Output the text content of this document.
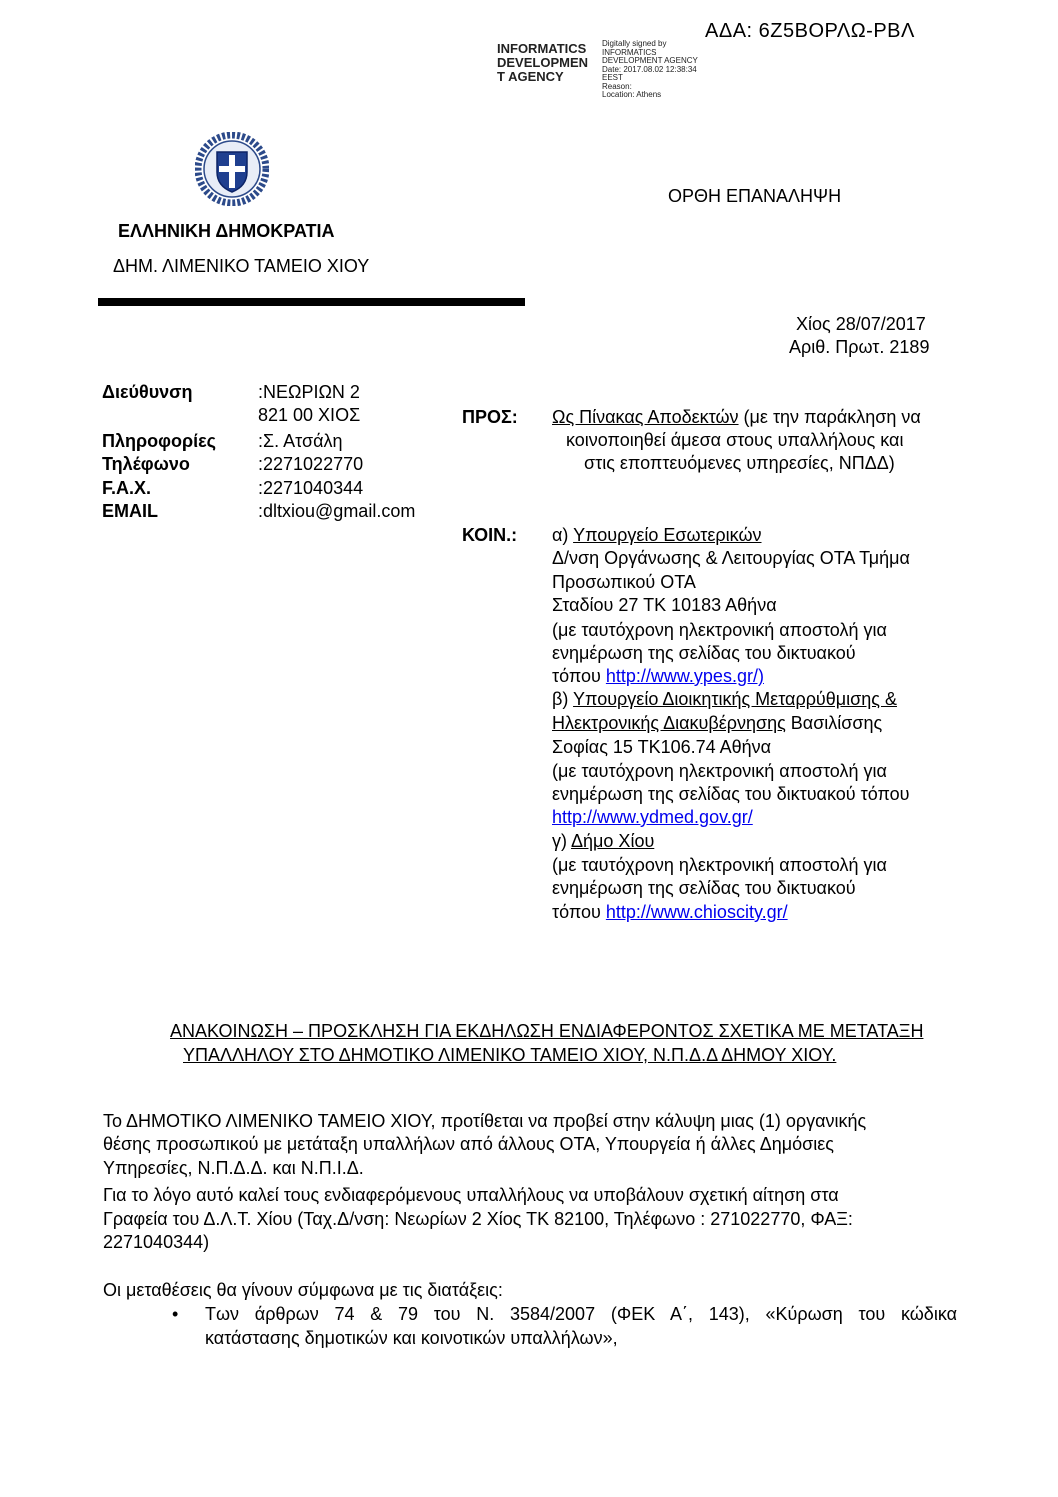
ΑΔΑ: 6Ζ5ΒΟΡΛΩ-ΡΒΛ
INFORMATICS
DEVELOPMEN
T AGENCY
Digitally signed by
INFORMATICS
DEVELOPMENT AGENCY
Date: 2017.08.02 12:38:34
EEST
Reason:
Location: Athens
ΟΡΘΗ ΕΠΑΝΑΛΗΨΗ
ΕΛΛΗΝΙΚΗ ΔΗΜΟΚΡΑΤΙΑ
ΔΗΜ. ΛΙΜΕΝΙΚΟ ΤΑΜΕΙΟ ΧΙΟΥ
Χίος 28/07/2017
Αριθ. Πρωτ. 2189
Διεύθυνση	:ΝΕΩΡΙΩΝ 2
821 00 ΧΙΟΣ
Πληροφορίες :Σ. Ατσάλη
Τηλέφωνο	:2271022770
F.A.X.	:2271040344
EMAIL	:dltxiou@gmail.com
ΠΡΟΣ: Ως Πίνακας Αποδεκτών (με την παράκληση να
κοινοποιηθεί άμεσα στους υπαλλήλους και
στις εποπτευόμενες υπηρεσίες, ΝΠΔΔ)
ΚΟΙΝ.: α) Υπουργείο Εσωτερικών
Δ/νση Οργάνωσης & Λειτουργίας ΟΤΑ Τμήμα
Προσωπικού ΟΤΑ
Σταδίου 27 ΤΚ 10183 Αθήνα
(με ταυτόχρονη ηλεκτρονική αποστολή για
ενημέρωση της σελίδας του δικτυακού
τόπου http://www.ypes.gr/)
β) Υπουργείο Διοικητικής Μεταρρύθμισης &
Ηλεκτρονικής Διακυβέρνησης Βασιλίσσης
Σοφίας 15 ΤΚ106.74 Αθήνα
(με ταυτόχρονη ηλεκτρονική αποστολή για
ενημέρωση της σελίδας του δικτυακού τόπου
http://www.ydmed.gov.gr/
γ) Δήμο Χίου
(με ταυτόχρονη ηλεκτρονική αποστολή για
ενημέρωση της σελίδας του δικτυακού
τόπου http://www.chioscity.gr/
ΑΝΑΚΟΙΝΩΣΗ – ΠΡΟΣΚΛΗΣΗ ΓΙΑ ΕΚΔΗΛΩΣΗ ΕΝΔΙΑΦΕΡΟΝΤΟΣ ΣΧΕΤΙΚΑ ΜΕ ΜΕΤΑΤΑΞΗ
ΥΠΑΛΛΗΛΟΥ ΣΤΟ ΔΗΜΟΤΙΚΟ ΛΙΜΕΝΙΚΟ ΤΑΜΕΙΟ ΧΙΟΥ, Ν.Π.Δ.Δ ΔΗΜΟΥ ΧΙΟΥ.
Το ΔΗΜΟΤΙΚΟ ΛΙΜΕΝΙΚΟ ΤΑΜΕΙΟ ΧΙΟΥ, προτίθεται να προβεί στην κάλυψη μιας (1) οργανικής
θέσης προσωπικού με μετάταξη υπαλλήλων από άλλους ΟΤΑ, Υπουργεία ή άλλες Δημόσιες
Υπηρεσίες, Ν.Π.Δ.Δ. και Ν.Π.Ι.Δ.
Για το λόγο αυτό καλεί τους ενδιαφερόμενους υπαλλήλους να υποβάλουν σχετική αίτηση στα
Γραφεία του Δ.Λ.Τ. Χίου (Ταχ.Δ/νση: Νεωρίων 2 Χίος ΤΚ 82100, Τηλέφωνο : 271022770, ΦΑΞ:
2271040344)
Οι μεταθέσεις θα γίνουν σύμφωνα με τις διατάξεις:
• Των άρθρων 74 & 79 του Ν. 3584/2007 (ΦΕΚ Α΄, 143), «Κύρωση του κώδικα
κατάστασης δημοτικών και κοινοτικών υπαλλήλων»,
